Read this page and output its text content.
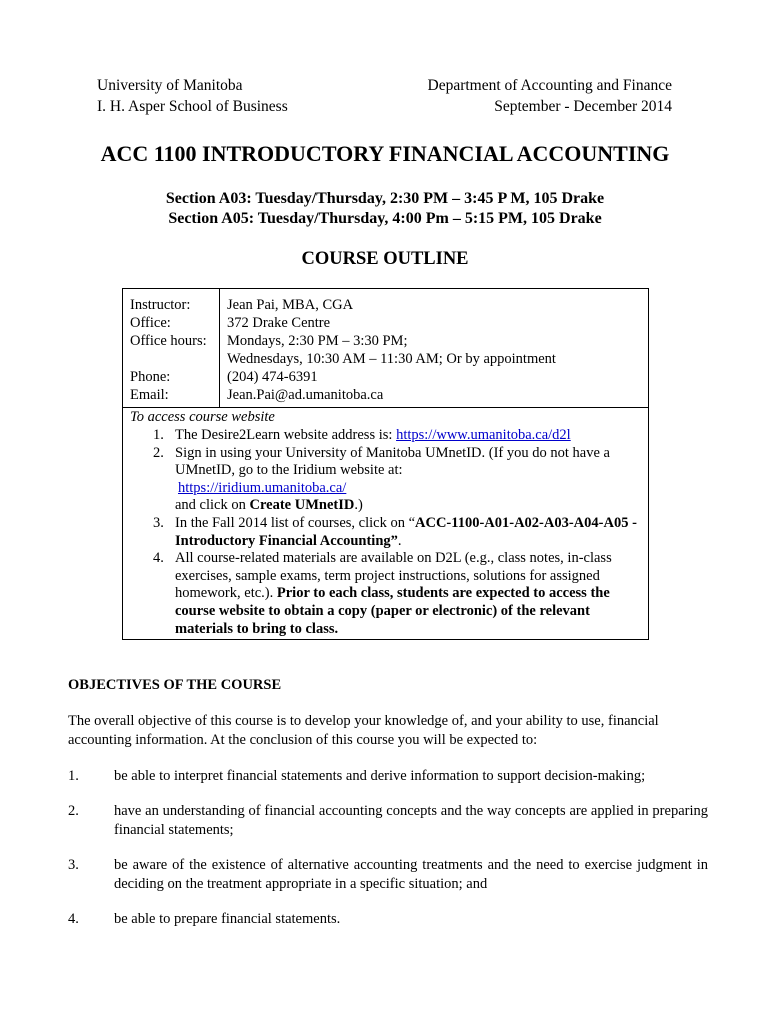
University of Manitoba
I. H. Asper School of Business
Department of Accounting and Finance
September - December 2014
ACC 1100 INTRODUCTORY FINANCIAL ACCOUNTING
Section A03: Tuesday/Thursday, 2:30 PM – 3:45 P M, 105 Drake
Section A05: Tuesday/Thursday, 4:00 Pm – 5:15 PM, 105 Drake
COURSE OUTLINE
Instructor:	Jean Pai, MBA, CGA
Office:	372 Drake Centre
Office hours: Mondays, 2:30 PM – 3:30 PM;
Wednesdays, 10:30 AM – 11:30 AM; Or by appointment
Phone:	(204) 474-6391
Email:	Jean.Pai@ad.umanitoba.ca
To access course website
1. The Desire2Learn website address is: https://www.umanitoba.ca/d2l
2. Sign in using your University of Manitoba UMnetID. (If you do not have a UMnetID, go to the Iridium website at:
https://iridium.umanitoba.ca/
and click on Create UMnetID.)
3. In the Fall 2014 list of courses, click on “ACC-1100-A01-A02-A03-A04-A05 - Introductory Financial Accounting”.
4. All course-related materials are available on D2L (e.g., class notes, in-class exercises, sample exams, term project instructions, solutions for assigned homework, etc.). Prior to each class, students are expected to access the course website to obtain a copy (paper or electronic) of the relevant materials to bring to class.
OBJECTIVES OF THE COURSE
The overall objective of this course is to develop your knowledge of, and your ability to use, financial accounting information. At the conclusion of this course you will be expected to:
1.	be able to interpret financial statements and derive information to support decision-making;
2.	have an understanding of financial accounting concepts and the way concepts are applied in preparing financial statements;
3.	be aware of the existence of alternative accounting treatments and the need to exercise judgment in deciding on the treatment appropriate in a specific situation; and
4.	be able to prepare financial statements.
